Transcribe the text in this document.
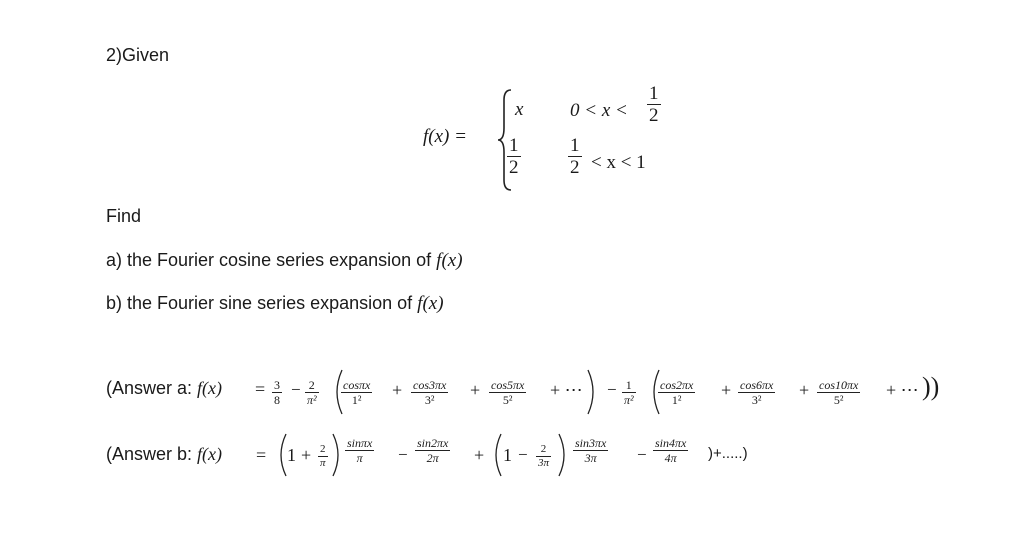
2)Given
f(x) =
x $0 < x < \frac{1}{2}$
$\frac{1}{2}$	$\frac{1}{2} < x < 1$
Find
a) the Fourier cosine series expansion of f(x)
b) the Fourier sine series expansion of f(x)
(Answer a: $f(x) = \frac{3}{8} - \frac{2}{\text{π²}} \frac{\cos\pi x}{\text{1²}} + \frac{\cos 3\pi x}{\text{3²}} + \frac{\cos 5\pi x}{\text{5²}}$ + ⋯ − $\frac{1}{\text{π²}} \frac{\cos 2\pi x}{\text{1²}} + \frac{\cos 6\pi x}{\text{3²}} + \frac{\cos 10\pi x}{\text{5²}}$ + ⋯ ))
(Answer b: $f(x) = 1 + \frac{2}{\pi} \frac{\sin\pi x}{\pi} - \frac{\sin 2\pi x}{2\pi} + 1 - \frac{2}{3\pi} \frac{\sin 3\pi x}{3\pi} - \frac{\sin 4\pi x}{4\pi}$ )+.....)
